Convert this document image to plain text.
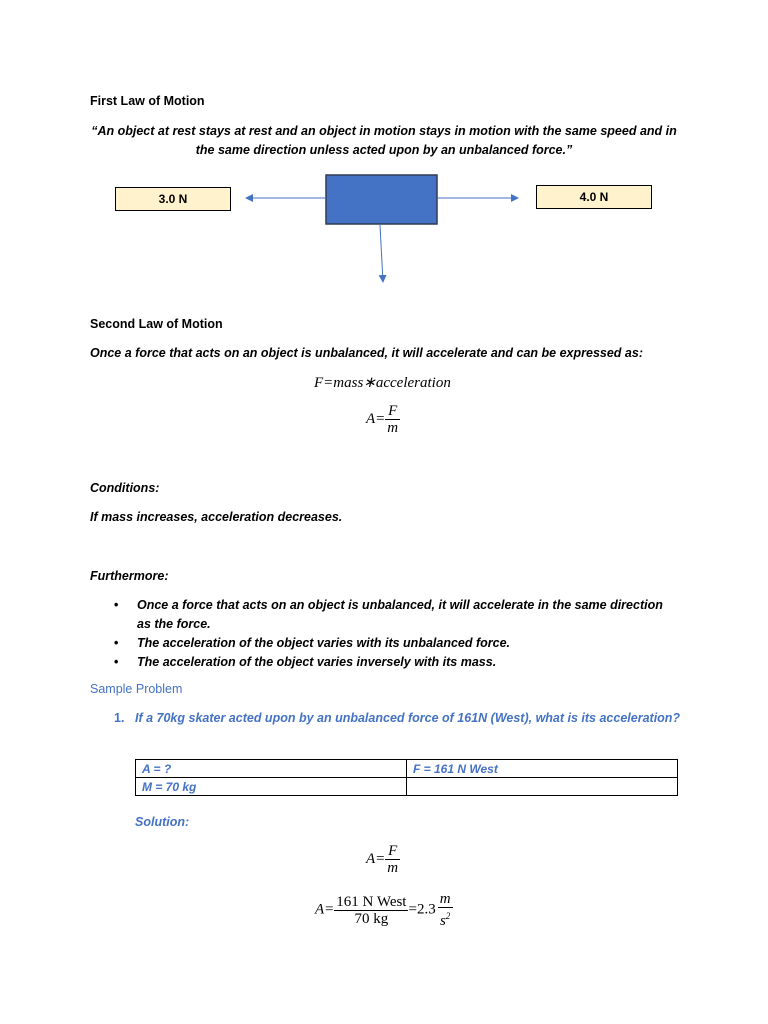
First Law of Motion
“An object at rest stays at rest and an object in motion stays in motion with the same speed and in the same direction unless acted upon by an unbalanced force.”
3.0 N	4.0 N
Second Law of Motion
Once a force that acts on an object is unbalanced, it will accelerate and can be expressed as:
F=mass∗acceleration
$A= \frac{F}{m}$
Conditions:
If mass increases, acceleration decreases.
Furthermore:
• Once a force that acts on an object is unbalanced, it will accelerate in the same direction as the force.
• The acceleration of the object varies with its unbalanced force.
• The acceleration of the object varies inversely with its mass.
Sample Problem
1. If a 70kg skater acted upon by an unbalanced force of 161N (West), what is its acceleration?
A = ?	F = 161 N West
M = 70 kg	
Solution:
$A= \frac{F}{m}$
$A= \frac{\text{161 N West}}{70 kg} =2.3 \frac{m}{s^2}$
